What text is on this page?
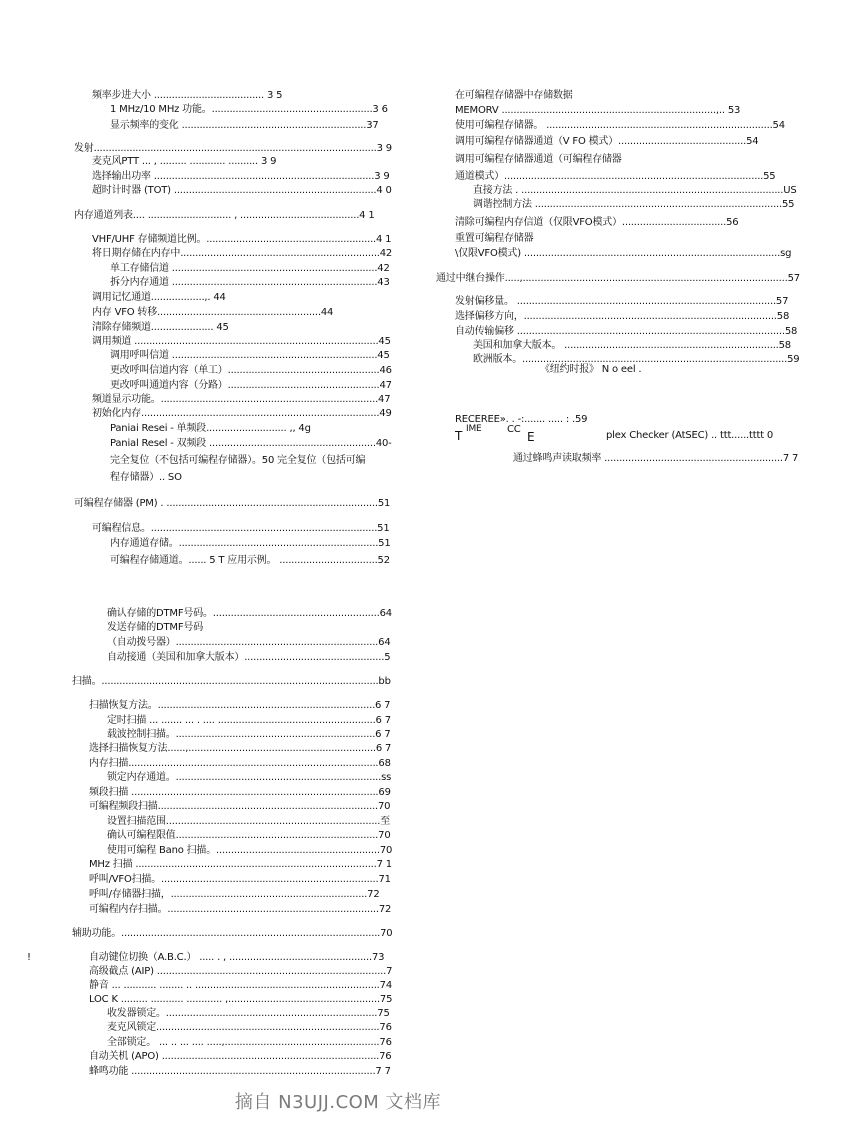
频率步进大小 ..................................... 3 5
1 MHz/10 MHz 功能。......................................................3 6
显示频率的变化 ..............................................................37
发射...............................................................................................3 9
麦克风PTT ... , ......... ............ .......... 3 9
选择输出功率 ..........................................................................3 9
超时计时器 (TOT) ....................................................................4 0
内存通道列表.... ............................ , ........................................4 1
VHF/UHF 存储频道比例。.........................................................4 1
将日期存储在内存中...................................................................42
单工存储信道 .....................................................................42
拆分内存通道 .....................................................................43
调用记忆通道..................,. 44
内存 VFO 转移.......................................................44
清除存储频道..................... 45
调用频道 ..................................................................................45
调用呼叫信道 .....................................................................45
更改呼叫信道内容（单工）...................................................46
更改呼叫通道内容（分路）...................................................47
频道显示功能。.........................................................................47
初始化内存................................................................................49
Paniai Resei - 单频段........................... ,, 4g
Panial Resel - 双频段 ........................................................40-
完全复位（不包括可编程存储器）。50 完全复位（包括可编
程存储器）.. SO
可编程存储器 (PM) . .......................................................................51
可编程信息。............................................................................51
内存通道存储。...................................................................51
可编程存储通道。...... 5 T 应用示例。 .................................52
确认存储的DTMF号码。........................................................64
发送存储的DTMF号码
（自动拨号器）....................................................................64
自动接通（美国和加拿大版本）...............................................5
扫描。.............................................................................................bb
扫描恢复方法。.........................................................................6 7
定时扫描 ... ....... ... . .... .....................................................6 7
载波控制扫描。...................................................................6 7
选择扫描恢复方法......,...............................................................6 7
内存扫描....................................................................................68
锁定内存通道。.....................................................................ss
频段扫描 ...................................................................................69
可编程频段扫描..........................................................................70
设置扫描范围........................................................................至
确认可编程限值....................................................................70
使用可编程 Bano 扫描。.......................................................70
MHz 扫描 .................................................................................7 1
呼叫/VFO扫描。.........................................................................71
呼叫/存储器扫描，..................................................................72
可编程内存扫描。.......................................................................72
辅助功能。.......................................................................................70
自动键位切换（A.B.C.） ..... . , ................................................73
高级截点 (AIP) .............................................................................7
静音 ... ........... ........ .. ..............................................................74
LOC K ......... ........... ............ ,...................................................75
收发器锁定。.......................................................................75
麦克风锁定...........................................................................76
全部锁定。 ... .. ... .... .....,....................................................76
自动关机 (APO) .........................................................................76
蜂鸣功能 ..................................................................................7 7
在可编程存储器中存储数据
MEMORV ........................................................................,.. 53
使用可编程存储器。 ............................................................................54
调用可编程存储器通道（V FO 模式）...........................................54
调用可编程存储器通道（可编程存储器
通道模式）.......................................................................................55
直接方法 . ........................................................................................US
调谐控制方法 ...................................................................................55
清除可编程内存信道（仅限VFO模式）...................................56
重置可编程存储器
\仅限VFO模式) ......................................................................................sg
通过中继台操作.....,.........................................................................................57
发射偏移量。 .......................................................................................57
选择偏移方向，.....................................................................................58
自动传输偏移 ..........................................................................................58
美国和加拿大版本。 ........................................................................58
欧洲版本。.........................................................................................59
《纽约时报》 N o eel .
RECEREE». . -:....... ..... : .59
T IME	CC
E	plex Checker (AtSEC) .. ttt......tttt 0
通过蜂鸣声读取频率 ............................................................7 7
!
摘自 N3UJJ.COM 文档库
